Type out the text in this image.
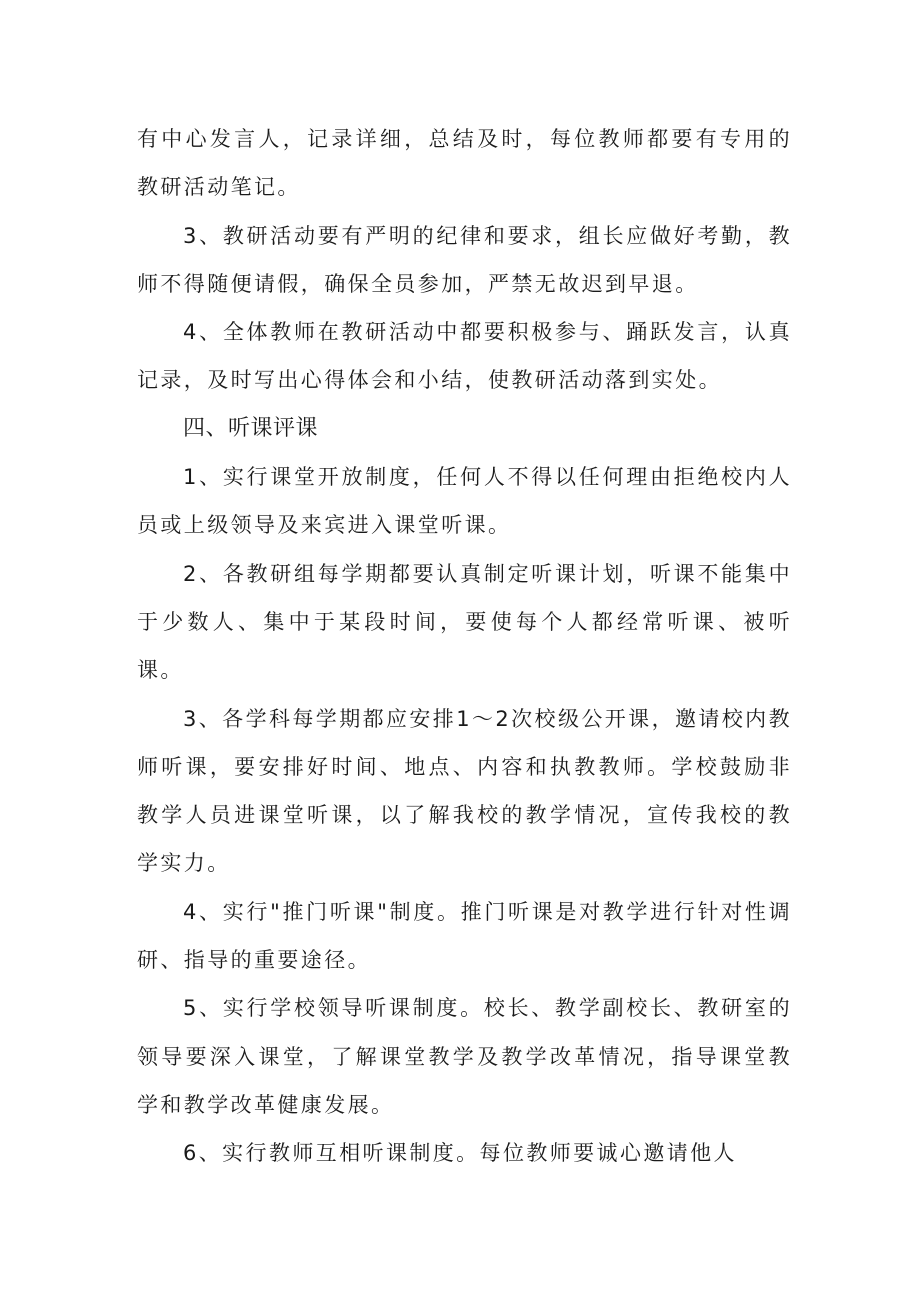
有中心发言人，记录详细，总结及时，每位教师都要有专用的教研活动笔记。

3、教研活动要有严明的纪律和要求，组长应做好考勤，教师不得随便请假，确保全员参加，严禁无故迟到早退。

4、全体教师在教研活动中都要积极参与、踊跃发言，认真记录，及时写出心得体会和小结，使教研活动落到实处。

四、听课评课

1、实行课堂开放制度，任何人不得以任何理由拒绝校内人员或上级领导及来宾进入课堂听课。

2、各教研组每学期都要认真制定听课计划，听课不能集中于少数人、集中于某段时间，要使每个人都经常听课、被听课。

3、各学科每学期都应安排1～2次校级公开课，邀请校内教师听课，要安排好时间、地点、内容和执教教师。学校鼓励非教学人员进课堂听课，以了解我校的教学情况，宣传我校的教学实力。

4、实行"推门听课"制度。推门听课是对教学进行针对性调研、指导的重要途径。

5、实行学校领导听课制度。校长、教学副校长、教研室的领导要深入课堂，了解课堂教学及教学改革情况，指导课堂教学和教学改革健康发展。

6、实行教师互相听课制度。每位教师要诚心邀请他人
